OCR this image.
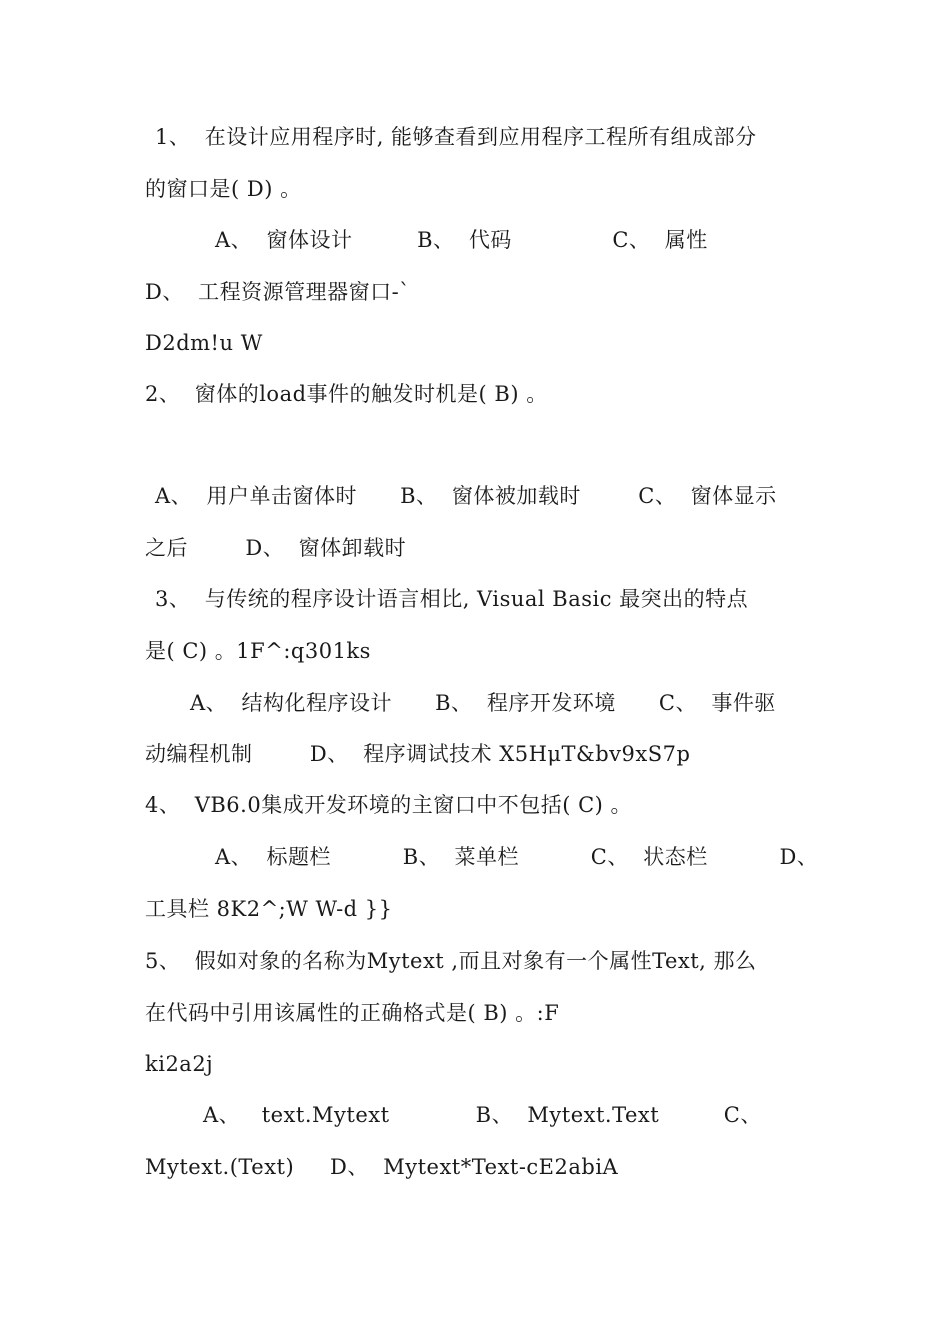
1、  在设计应用程序时, 能够查看到应用程序工程所有组成部分
的窗口是( D) 。
A、  窗体设计         B、  代码              C、  属性
D、  工程资源管理器窗口-`
D2dm!u W
2、  窗体的load事件的触发时机是( B) 。
A、  用户单击窗体时      B、  窗体被加载时        C、  窗体显示
之后        D、  窗体卸载时
3、  与传统的程序设计语言相比, Visual Basic 最突出的特点
是( C) 。1F^:q301ks
A、  结构化程序设计      B、  程序开发环境      C、  事件驱
动编程机制        D、  程序调试技术 X5HμT&bv9xS7p
4、  VB6.0集成开发环境的主窗口中不包括( C) 。
A、  标题栏          B、  菜单栏          C、  状态栏          D、
工具栏 8K2^;W W-d }}
5、  假如对象的名称为Mytext ,而且对象有一个属性Text, 那么
在代码中引用该属性的正确格式是( B) 。:F
ki2a2j
A、   text.Mytext            B、  Mytext.Text         C、
Mytext.(Text)     D、  Mytext*Text-cE2abiA
